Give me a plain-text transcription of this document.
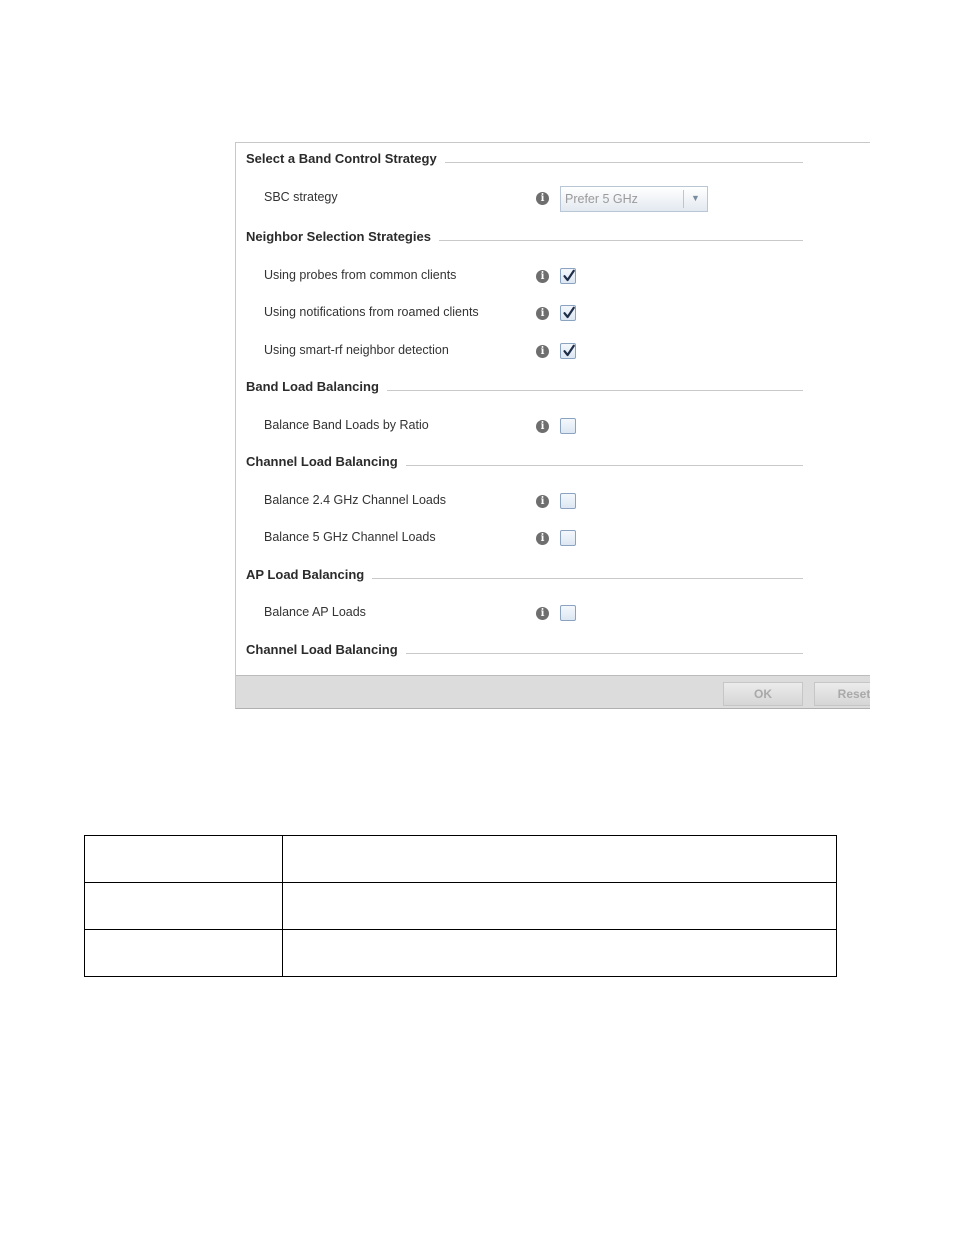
Select a Band Control Strategy
SBC strategy	i	Prefer 5 GHz	▼
Neighbor Selection Strategies
Using probes from common clients	i
Using notifications from roamed clients	i
Using smart-rf neighbor detection	i
Band Load Balancing
Balance Band Loads by Ratio	i
Channel Load Balancing
Balance 2.4 GHz Channel Loads	i
Balance 5 GHz Channel Loads	i
AP Load Balancing
Balance AP Loads	i
Channel Load Balancing
OK	Reset
